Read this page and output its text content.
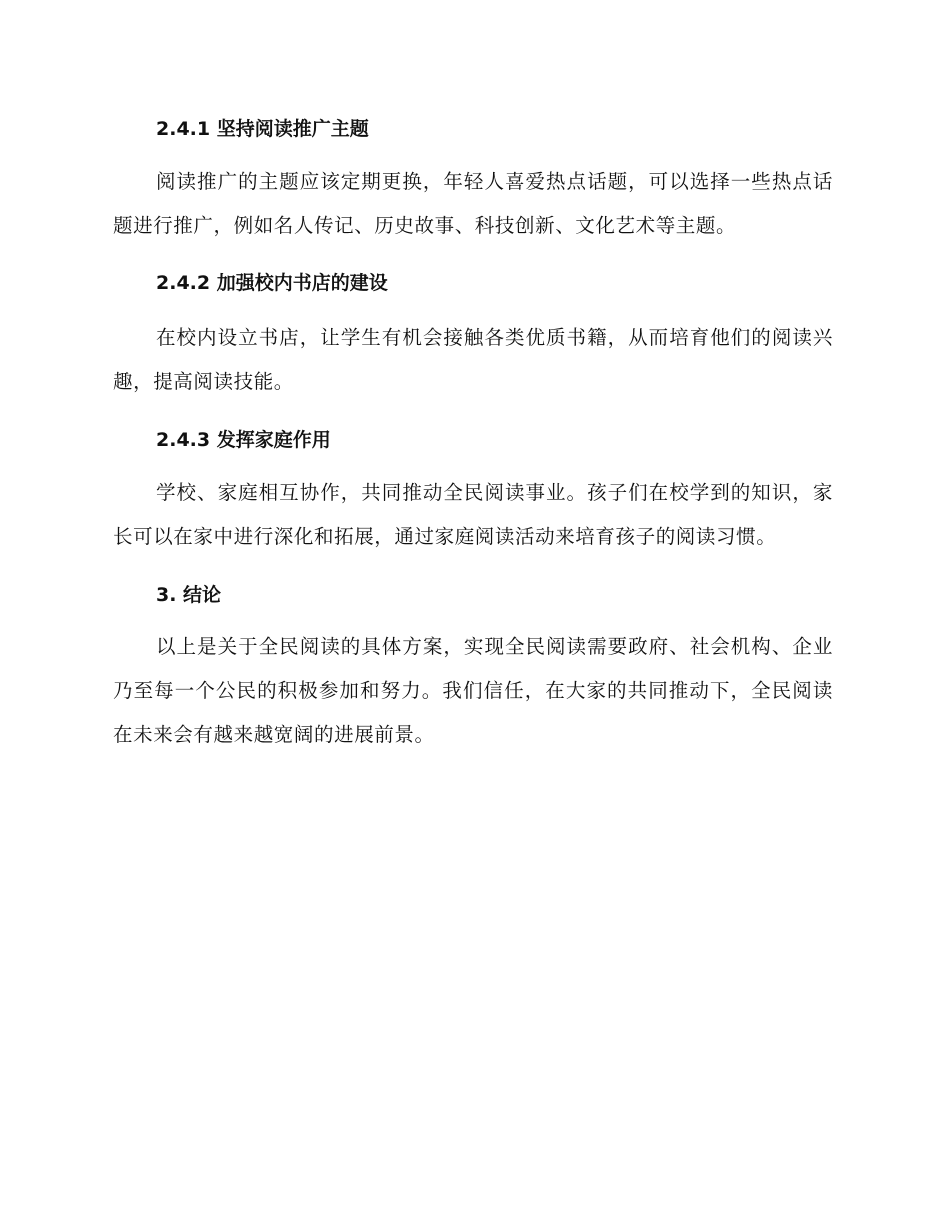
2.4.1 坚持阅读推广主题

阅读推广的主题应该定期更换，年轻人喜爱热点话题，可以选择一些热点话题进行推广，例如名人传记、历史故事、科技创新、文化艺术等主题。

2.4.2 加强校内书店的建设

在校内设立书店，让学生有机会接触各类优质书籍，从而培育他们的阅读兴趣，提高阅读技能。

2.4.3 发挥家庭作用

学校、家庭相互协作，共同推动全民阅读事业。孩子们在校学到的知识，家长可以在家中进行深化和拓展，通过家庭阅读活动来培育孩子的阅读习惯。

3. 结论

以上是关于全民阅读的具体方案，实现全民阅读需要政府、社会机构、企业乃至每一个公民的积极参加和努力。我们信任，在大家的共同推动下，全民阅读在未来会有越来越宽阔的进展前景。
